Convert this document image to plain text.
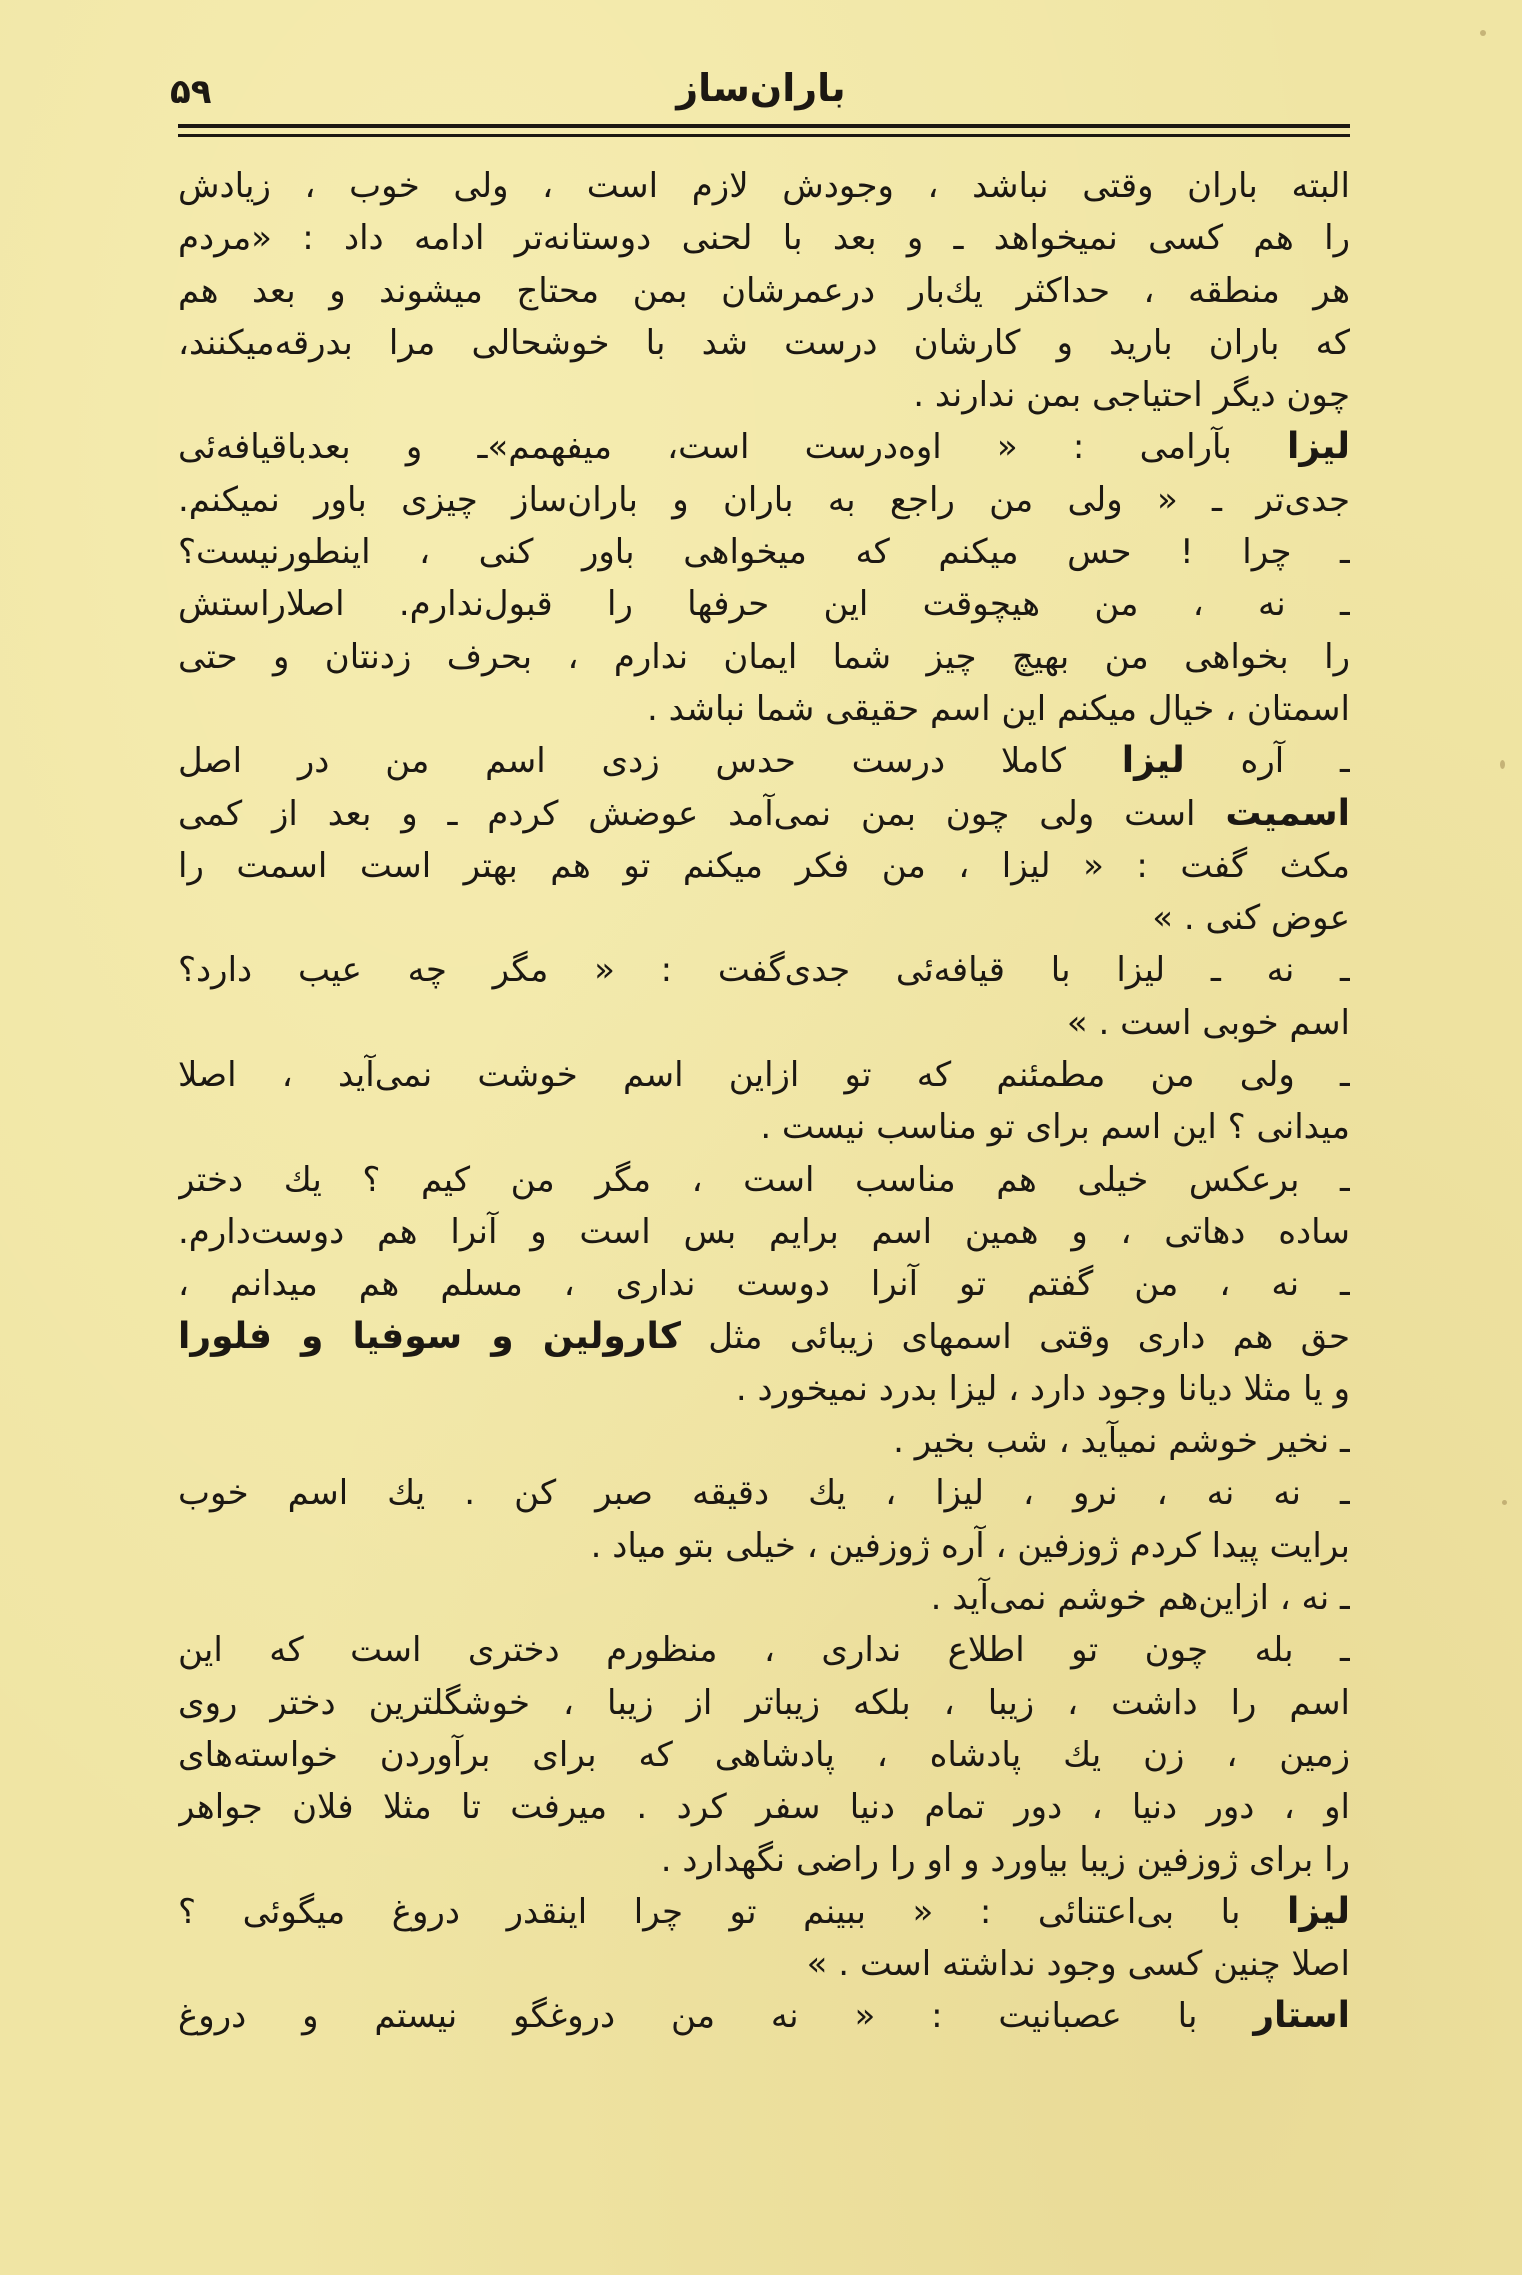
۵۹	باران‌ساز
البته باران وقتی نباشد ، وجودش لازم است ، ولی خوب ، زیادش
را هم کسی نمیخواهد ـ و بعد با لحنی دوستانه‌تر ادامه داد : «مردم
هر منطقه ، حداکثر یك‌بار درعمرشان بمن محتاج میشوند و بعد هم
که باران بارید و کارشان درست شد با خوشحالی مرا بدرقه‌میکنند،
چون دیگر احتیاجی بمن ندارند .
لیزا بآرامی : « اوه‌درست است، میفهمم»ـ و بعدباقیافه‌ئی
جدی‌تر ـ « ولی من راجع به باران و باران‌ساز چیزی باور نمیکنم.
ـ چرا ! حس میکنم که میخواهی باور کنی ، اینطورنیست؟
ـ نه ، من هیچوقت این حرفها را قبول‌ندارم. اصلارا‌ستش
را بخواهی من بهیچ چیز شما ایمان ندارم ، بحرف زدنتان و حتی
اسمتان ، خیال میکنم این اسم حقیقی شما نباشد .
ـ آره لیزا کاملا درست حدس زدی اسم من در اصل
اسمیت است ولی چون بمن نمی‌آمد عوضش کردم ـ و بعد از کمی
مکث گفت : « لیزا ، من فکر میکنم تو هم بهتر است اسمت را
عوض کنی . »
ـ نه ـ لیزا با قیافه‌ئی جدی‌گفت : « مگر چه عیب دارد؟
اسم خوبی است . »
ـ ولی من مطمئنم که تو ازاین اسم خوشت نمی‌آید ، اصلا
میدانی ؟ این اسم برای تو مناسب نیست .
ـ برعکس خیلی هم مناسب است ، مگر من کیم ؟ یك دختر
ساده دهاتی ، و همین اسم برایم بس است و آنرا هم دوست‌دارم.
ـ نه ، من گفتم تو آنرا دوست نداری ، مسلم هم میدانم ،
حق هم داری وقتی اسمهای زیبائی مثل کارولین و سوفیا و فلورا
و یا مثلا دیانا وجود دارد ، لیزا بدرد نمیخورد .
ـ نخیر خوشم نمیآید ، شب بخیر .
ـ نه نه ، نرو ، لیزا ، یك دقیقه صبر کن . یك اسم خوب
برایت پیدا کردم ژوزفین ، آره ژوزفین ، خیلی بتو میاد .
ـ نه ، ازاین‌هم خوشم نمی‌آید .
ـ بله چون تو اطلاع نداری ، منظورم دختری است که این
اسم را داشت ، زیبا ، بلکه زیباتر از زیبا ، خوشگلترین دختر روی
زمین ، زن یك پادشاه ، پادشاهی که برای برآوردن خواسته‌های
او ، دور دنیا ، دور تمام دنیا سفر کرد . میرفت تا مثلا فلان جواهر
را برای ژوزفین زیبا بیاورد و او را راضی نگهدارد .
لیزا با بی‌اعتنائی : « ببینم تو چرا اینقدر دروغ میگوئی ؟
اصلا چنین کسی وجود نداشته است . »
استار با عصبانیت : « نه من دروغگو نیستم و دروغ
